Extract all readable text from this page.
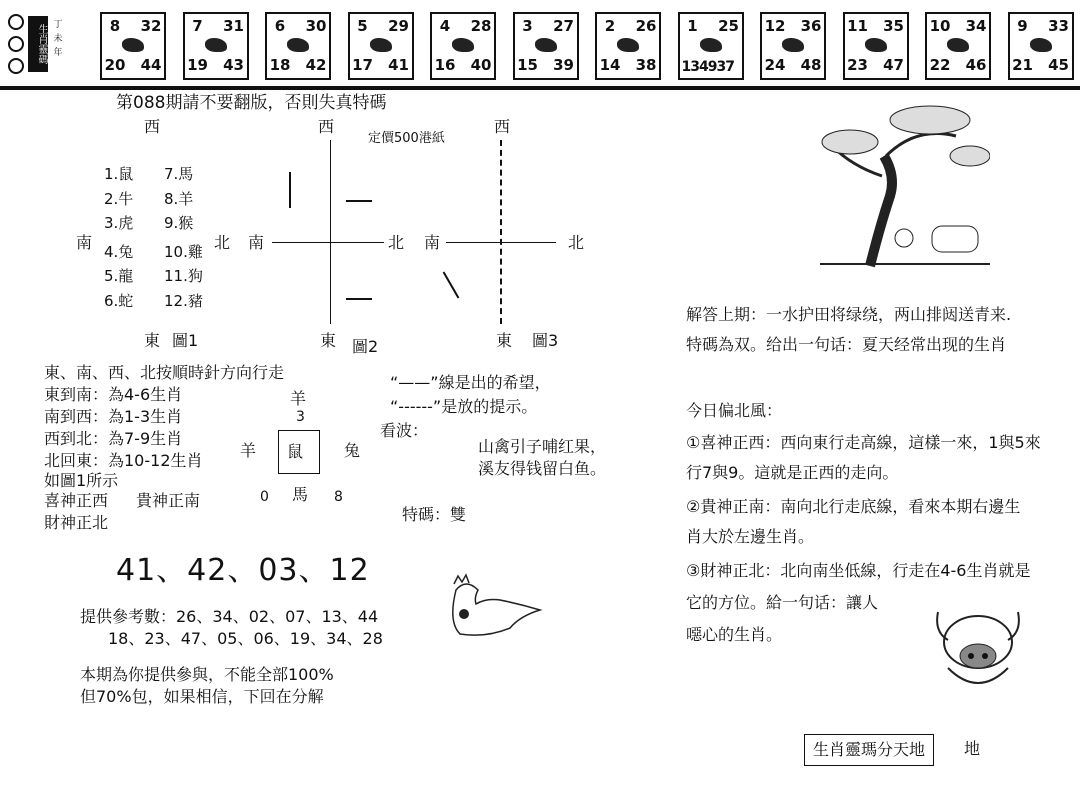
生肖靈碼 丁未年
8	32
20 44
7	31
19 43
6	30
18 42
5	29
17 41
4	28
16 40
3	27
15 39
2	26
14 38
1	25
134937
12 36
24 48
11 35
23 47
10 34
22 46
9	33
21 45
第088期請不要翻版，否則失真特碼
定價500港紙
西
1.鼠	7.馬
2.牛	8.羊
3.虎	9.猴
4.兔	10.雞
5.龍	11.狗
6.蛇	12.豬
南	北
東 圖1
西
南	北
東 圖2
西
南	北
東 圖3
東、南、西、北按順時針方向行走
東到南：為4-6生肖
南到西：為1-3生肖
西到北：為7-9生肖
北回東：為10-12生肖
如圖1所示
喜神正西 貴神正南
財神正北
羊
3
羊	鼠	兔
0 馬 8
“——”線是出的希望，
“------”是放的提示。
看波：
山禽引子哺红果，
溪友得钱留白鱼。
特碼：雙
41、42、03、12
提供參考數：26、34、02、07、13、44
18、23、47、05、06、19、34、28
本期為你提供參與，不能全部100%
但70%包，如果相信，下回在分解
解答上期：一水护田将绿绕，两山排闼送青来.
特碼為双。给出一句话：夏天经常出现的生肖
今日偏北風：
①喜神正西：西向東行走高線，這樣一來，1與5來
行7與9。這就是正西的走向。
②貴神正南：南向北行走底線，看來本期右邊生
肖大於左邊生肖。
③財神正北：北向南坐低線，行走在4-6生肖就是
它的方位。給一句话：讓人
噁心的生肖。
生肖靈瑪分天地	地
